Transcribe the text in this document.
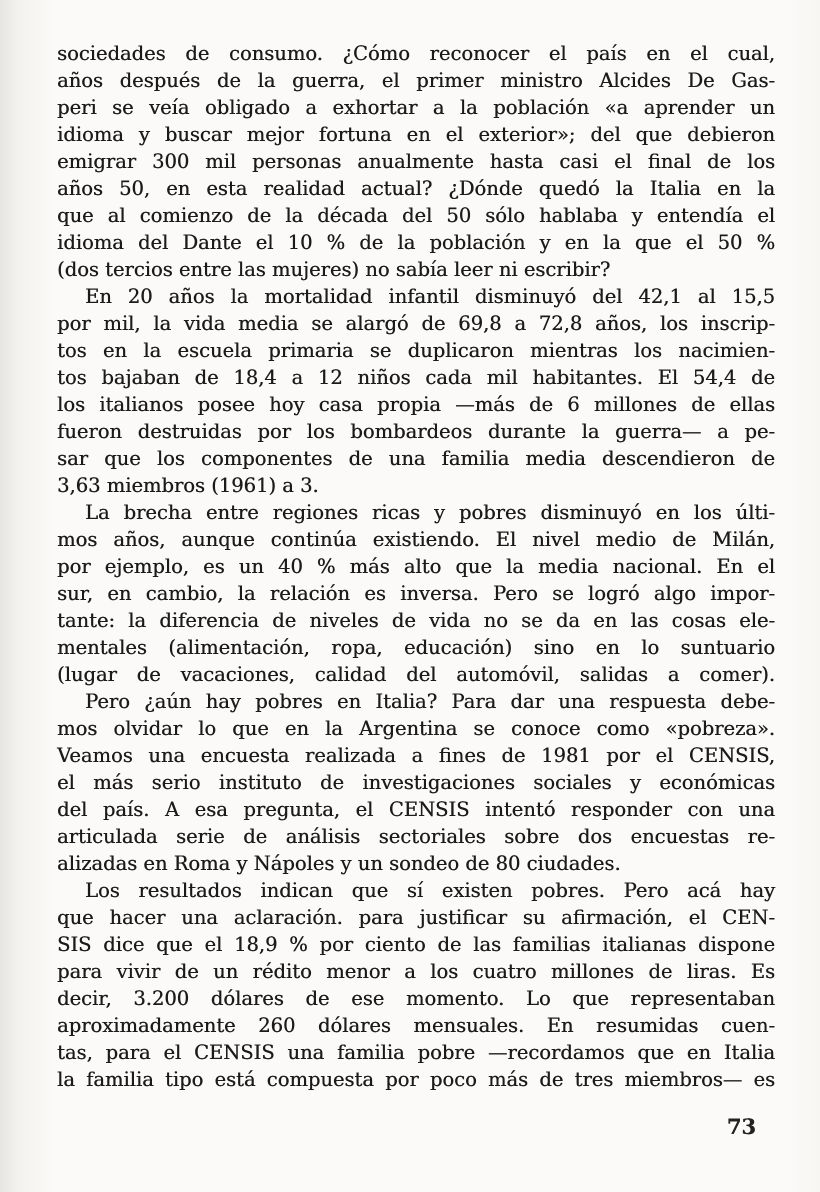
sociedades de consumo. ¿Cómo reconocer el país en el cual,
años después de la guerra, el primer ministro Alcides De Gas-
peri se veía obligado a exhortar a la población «a aprender un
idioma y buscar mejor fortuna en el exterior»; del que debieron
emigrar 300 mil personas anualmente hasta casi el final de los
años 50, en esta realidad actual? ¿Dónde quedó la Italia en la
que al comienzo de la década del 50 sólo hablaba y entendía el
idioma del Dante el 10 % de la población y en la que el 50 %
(dos tercios entre las mujeres) no sabía leer ni escribir?
En 20 años la mortalidad infantil disminuyó del 42,1 al 15,5
por mil, la vida media se alargó de 69,8 a 72,8 años, los inscrip-
tos en la escuela primaria se duplicaron mientras los nacimien-
tos bajaban de 18,4 a 12 niños cada mil habitantes. El 54,4 de
los italianos posee hoy casa propia —más de 6 millones de ellas
fueron destruidas por los bombardeos durante la guerra— a pe-
sar que los componentes de una familia media descendieron de
3,63 miembros (1961) a 3.
La brecha entre regiones ricas y pobres disminuyó en los últi-
mos años, aunque continúa existiendo. El nivel medio de Milán,
por ejemplo, es un 40 % más alto que la media nacional. En el
sur, en cambio, la relación es inversa. Pero se logró algo impor-
tante: la diferencia de niveles de vida no se da en las cosas ele-
mentales (alimentación, ropa, educación) sino en lo suntuario
(lugar de vacaciones, calidad del automóvil, salidas a comer).
Pero ¿aún hay pobres en Italia? Para dar una respuesta debe-
mos olvidar lo que en la Argentina se conoce como «pobreza».
Veamos una encuesta realizada a fines de 1981 por el CENSIS,
el más serio instituto de investigaciones sociales y económicas
del país. A esa pregunta, el CENSIS intentó responder con una
articulada serie de análisis sectoriales sobre dos encuestas re-
alizadas en Roma y Nápoles y un sondeo de 80 ciudades.
Los resultados indican que sí existen pobres. Pero acá hay
que hacer una aclaración. para justificar su afirmación, el CEN-
SIS dice que el 18,9 % por ciento de las familias italianas dispone
para vivir de un rédito menor a los cuatro millones de liras. Es
decir, 3.200 dólares de ese momento. Lo que representaban
aproximadamente 260 dólares mensuales. En resumidas cuen-
tas, para el CENSIS una familia pobre —recordamos que en Italia
la familia tipo está compuesta por poco más de tres miembros— es
73
